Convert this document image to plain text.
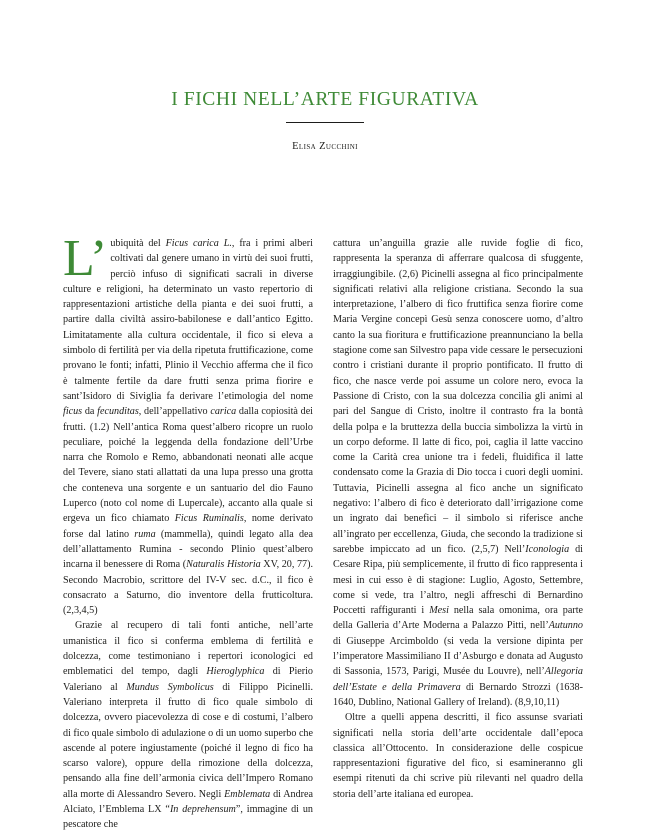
I FICHI NELL’ARTE FIGURATIVA
Elisa Zucchini

L’ ubiquità del Ficus carica L., fra i primi alberi coltivati dal genere umano in virtù dei suoi frutti, perciò infuso di significati sacrali in diverse culture e religioni, ha determinato un vasto repertorio di rappresentazioni artistiche della pianta e dei suoi frutti, a partire dalla civiltà assiro-babilonese e dall’antico Egitto. Limitatamente alla cultura occidentale, il fico si eleva a simbolo di fertilità per via della ripetuta fruttificazione, come provano le fonti; infatti, Plinio il Vecchio afferma che il fico è talmente fertile da dare frutti senza prima fiorire e sant’Isidoro di Siviglia fa derivare l’etimologia del nome ficus da fecunditas, dell’appellativo carica dalla copiosità dei frutti. (1.2) Nell’antica Roma quest’albero ricopre un ruolo peculiare, poiché la leggenda della fondazione dell’Urbe narra che Romolo e Remo, abbandonati neonati alle acque del Tevere, siano stati allattati da una lupa presso una grotta che conteneva una sorgente e un santuario del dio Fauno Luperco (noto col nome di Lupercale), accanto alla quale si ergeva un fico chiamato Ficus Ruminalis, nome derivato forse dal latino ruma (mammella), quindi legato alla dea dell’allattamento Rumina - secondo Plinio quest’albero incarna il benessere di Roma (Naturalis Historia XV, 20, 77). Secondo Macrobio, scrittore del IV-V sec. d.C., il fico è consacrato a Saturno, dio inventore della frutticoltura. (2,3,4,5)

Grazie al recupero di tali fonti antiche, nell’arte umanistica il fico si conferma emblema di fertilità e dolcezza, come testimoniano i repertori iconologici ed emblematici del tempo, dagli Hieroglyphica di Pierio Valeriano al Mundus Symbolicus di Filippo Picinelli. Valeriano interpreta il frutto di fico quale simbolo di dolcezza, ovvero piacevolezza di cose e di costumi, l’albero di fico quale simbolo di adulazione o di un uomo superbo che ascende al potere ingiustamente (poiché il legno di fico ha scarso valore), oppure della rimozione della dolcezza, pensando alla fine dell’armonia civica dell’Impero Romano alla morte di Alessandro Severo. Negli Emblemata di Andrea Alciato, l’Emblema LX “In deprehensum”, immagine di un pescatore che

cattura un’anguilla grazie alle ruvide foglie di fico, rappresenta la speranza di afferrare qualcosa di sfuggente, irraggiungibile. (2,6) Picinelli assegna al fico principalmente significati relativi alla religione cristiana. Secondo la sua interpretazione, l’albero di fico fruttifica senza fiorire come Maria Vergine concepì Gesù senza conoscere uomo, d’altro canto la sua fioritura e fruttificazione preannunciano la bella stagione come san Silvestro papa vide cessare le persecuzioni contro i cristiani durante il proprio pontificato. Il frutto di fico, che nasce verde poi assume un colore nero, evoca la Passione di Cristo, con la sua dolcezza concilia gli animi al pari del Sangue di Cristo, inoltre il contrasto fra la bontà della polpa e la bruttezza della buccia simbolizza la virtù in un corpo deforme. Il latte di fico, poi, caglia il latte vaccino come la Carità crea unione tra i fedeli, fluidifica il latte condensato come la Grazia di Dio tocca i cuori degli uomini. Tuttavia, Picinelli assegna al fico anche un significato negativo: l’albero di fico è deteriorato dall’irrigazione come un ingrato dai benefici – il simbolo si riferisce anche all’ingrato per eccellenza, Giuda, che secondo la tradizione si sarebbe impiccato ad un fico. (2,5,7) Nell’Iconologia di Cesare Ripa, più semplicemente, il frutto di fico rappresenta i mesi in cui esso è di stagione: Luglio, Agosto, Settembre, come si vede, tra l’altro, negli affreschi di Bernardino Poccetti raffiguranti i Mesi nella sala omonima, ora parte della Galleria d’Arte Moderna a Palazzo Pitti, nell’Autunno di Giuseppe Arcimboldo (si veda la versione dipinta per l’imperatore Massimiliano II d’Asburgo e donata ad Augusto di Sassonia, 1573, Parigi, Musée du Louvre), nell’Allegoria dell’Estate e della Primavera di Bernardo Strozzi (1638-1640, Dublino, National Gallery of Ireland). (8,9,10,11)

Oltre a quelli appena descritti, il fico assunse svariati significati nella storia dell’arte occidentale dall’epoca classica all’Ottocento. In considerazione delle cospicue rappresentazioni figurative del fico, si esamineranno gli esempi ritenuti da chi scrive più rilevanti nel quadro della storia dell’arte italiana ed europea.
